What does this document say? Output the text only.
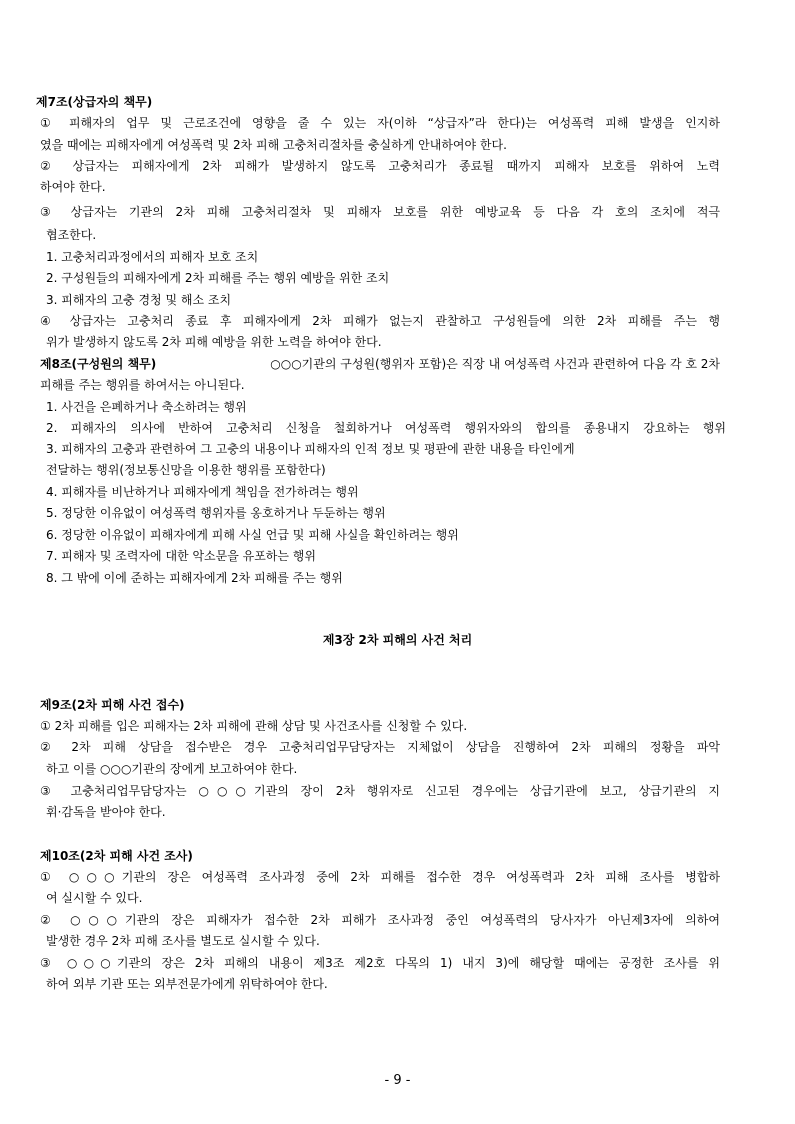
제7조(상급자의 책무)
① 피해자의 업무 및 근로조건에 영향을 줄 수 있는 자(이하 “상급자”라 한다)는 여성폭력 피해 발생을 인지하
였을 때에는 피해자에게 여성폭력 및 2차 피해 고충처리절차를 충실하게 안내하여야 한다.
② 상급자는 피해자에게 2차 피해가 발생하지 않도록 고충처리가 종료될 때까지 피해자 보호를 위하여 노력
하여야 한다.
③ 상급자는 기관의 2차 피해 고충처리절차 및 피해자 보호를 위한 예방교육 등 다음 각 호의 조치에 적극
협조한다.
1. 고충처리과정에서의 피해자 보호 조치
2. 구성원들의 피해자에게 2차 피해를 주는 행위 예방을 위한 조치
3. 피해자의 고충 경청 및 해소 조치
④ 상급자는 고충처리 종료 후 피해자에게 2차 피해가 없는지 관찰하고 구성원들에 의한 2차 피해를 주는 행
위가 발생하지 않도록 2차 피해 예방을 위한 노력을 하여야 한다.
제8조(구성원의 책무)	○○○기관의 구성원(행위자 포함)은 직장 내 여성폭력 사건과 관련하여 다음 각 호 2차
피해를 주는 행위를 하여서는 아니된다.
1. 사건을 은폐하거나 축소하려는 행위
2. 피해자의 의사에 반하여 고충처리 신청을 철회하거나 여성폭력 행위자와의 합의를 종용내지 강요하는 행위
3. 피해자의 고충과 관련하여 그 고충의 내용이나 피해자의 인적 정보 및 평판에 관한 내용을 타인에게
전달하는 행위(정보통신망을 이용한 행위를 포함한다)
4. 피해자를 비난하거나 피해자에게 책임을 전가하려는 행위
5. 정당한 이유없이 여성폭력 행위자를 옹호하거나 두둔하는 행위
6. 정당한 이유없이 피해자에게 피해 사실 언급 및 피해 사실을 확인하려는 행위
7. 피해자 및 조력자에 대한 악소문을 유포하는 행위
8. 그 밖에 이에 준하는 피해자에게 2차 피해를 주는 행위
제3장 2차 피해의 사건 처리
제9조(2차 피해 사건 접수)
① 2차 피해를 입은 피해자는 2차 피해에 관해 상담 및 사건조사를 신청할 수 있다.
② 2차 피해 상담을 접수받은 경우 고충처리업무담당자는 지체없이 상담을 진행하여 2차 피해의 정황을 파악
하고 이를 ○○○기관의 장에게 보고하여야 한다.
③ 고충처리업무담당자는 ○○○기관의 장이 2차 행위자로 신고된 경우에는 상급기관에 보고, 상급기관의 지
휘·감독을 받아야 한다.
제10조(2차 피해 사건 조사)
① ○○○기관의 장은 여성폭력 조사과정 중에 2차 피해를 접수한 경우 여성폭력과 2차 피해 조사를 병합하
여 실시할 수 있다.
② ○○○기관의 장은 피해자가 접수한 2차 피해가 조사과정 중인 여성폭력의 당사자가 아닌제3자에 의하여
발생한 경우 2차 피해 조사를 별도로 실시할 수 있다.
③ ○○○기관의 장은 2차 피해의 내용이 제3조 제2호 다목의 1) 내지 3)에 해당할 때에는 공정한 조사를 위
하여 외부 기관 또는 외부전문가에게 위탁하여야 한다.
- 9 -
